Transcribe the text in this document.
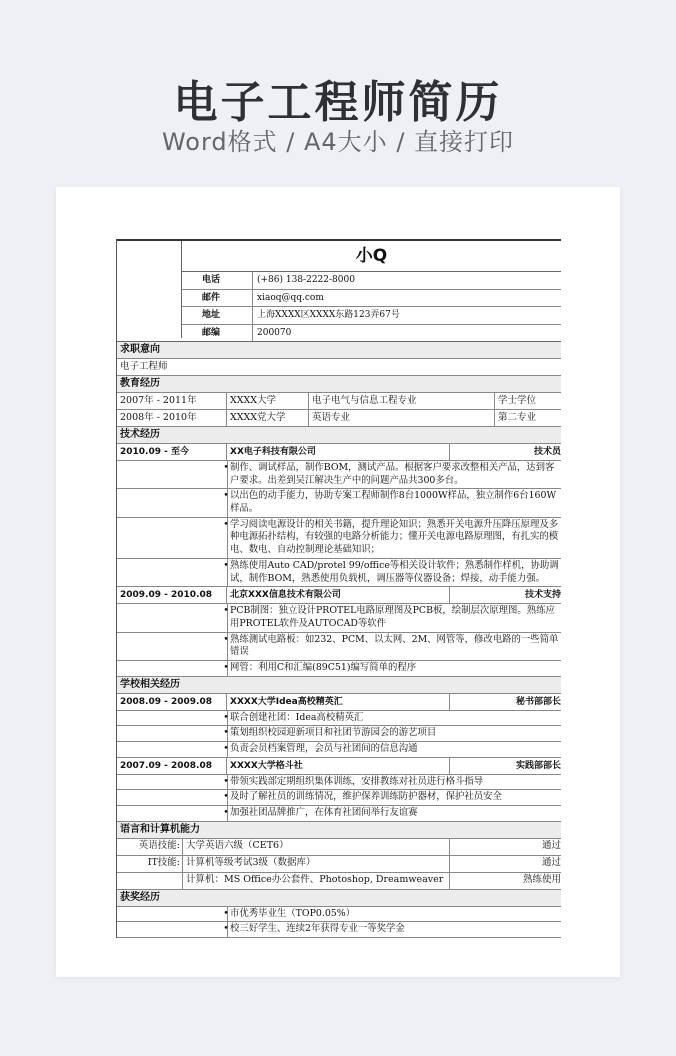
电子工程师简历
Word格式 / A4大小 / 直接打印
小Q
电话	(+86) 138-2222-8000
邮件	xiaoq@qq.com
地址	上海XXXX区XXXX东路123弄67号
邮编	200070
求职意向
电子工程师
教育经历
2007年 - 2011年	XXXX大学	电子电气与信息工程专业	学士学位
2008年 - 2010年	XXXX党大学	英语专业	第二专业
技术经历
2010.09 - 至今	XX电子科技有限公司	技术员
• 制作、调试样品，制作BOM，测试产品。根据客户要求改整相关产品，达到客户要求。出差到吴江解决生产中的问题产品共300多台。
• 以出色的动手能力，协助专案工程师制作8台1000W样品，独立制作6台160W样品。
• 学习阅读电源设计的相关书籍，提升理论知识；熟悉开关电源升压降压原理及多种电源拓扑结构，有较强的电路分析能力；懂开关电源电路原理图，有扎实的模电、数电、自动控制理论基础知识；
• 熟练使用Auto CAD/protel 99/office等相关设计软件；熟悉制作样机，协助调试，制作BOM，熟悉使用负载机，调压器等仪器设备；焊接，动手能力强。
2009.09 - 2010.08	北京XXX信息技术有限公司	技术支持
• PCB制图：独立设计PROTEL电路原理图及PCB板，绘制层次原理图。熟练应用PROTEL软件及AUTOCAD等软件
• 熟练测试电路板：如232、PCM、以太网、2M、网管等，修改电路的一些简单错误
• 网管：利用C和汇编(89C51)编写简单的程序
学校相关经历
2008.09 - 2009.08	XXXX大学Idea高校精英汇	秘书部部长
• 联合创建社团：Idea高校精英汇
• 策划组织校园迎新项目和社团节游园会的游艺项目
• 负责会员档案管理，会员与社团间的信息沟通
2007.09 - 2008.08	XXXX大学格斗社	实践部部长
• 带领实践部定期组织集体训练，安排教练对社员进行格斗指导
• 及时了解社员的训练情况，维护保养训练防护器材，保护社员安全
• 加强社团品牌推广，在体育社团间举行友谊赛
语言和计算机能力
英语技能: 大学英语六级（CET6）	通过
IT技能: 计算机等级考试3级（数据库）	通过
计算机：MS Office办公套件、Photoshop, Dreamweaver	熟练使用
获奖经历
• 市优秀毕业生（TOP0.05%）
• 校三好学生、连续2年获得专业一等奖学金
